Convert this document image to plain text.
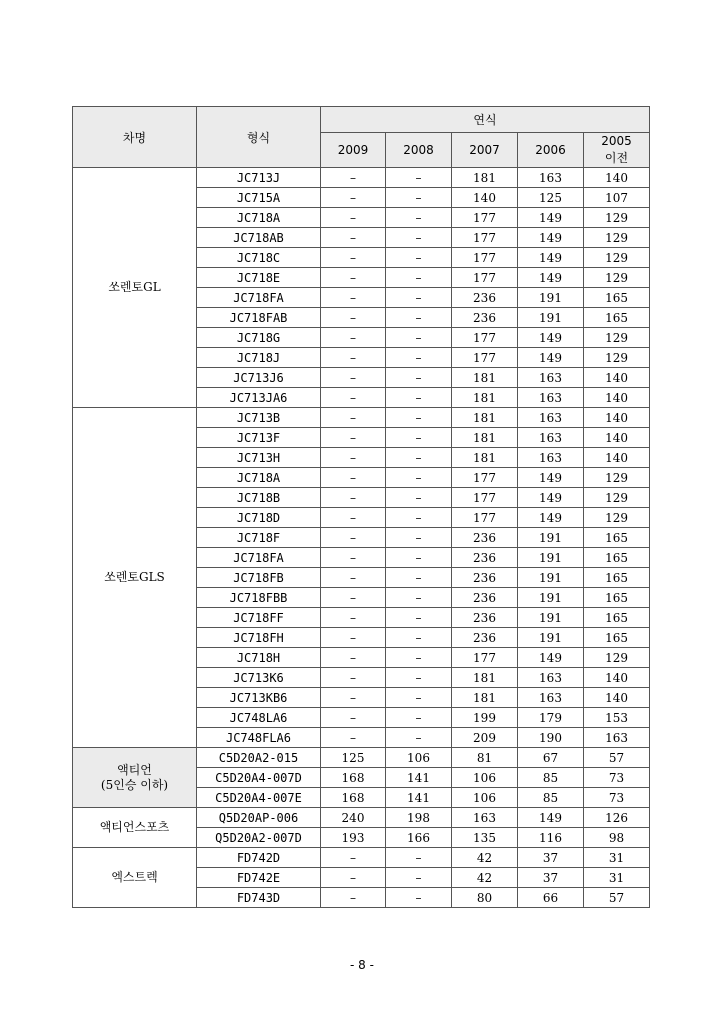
차명	형식	연식				
		2009	2008	2007	2006	2005
이전
쏘렌토GL	JC713J	–	–	181	163	140
	JC715A	–	–	140	125	107
	JC718A	–	–	177	149	129
	JC718AB	–	–	177	149	129
	JC718C	–	–	177	149	129
	JC718E	–	–	177	149	129
	JC718FA	–	–	236	191	165
	JC718FAB	–	–	236	191	165
	JC718G	–	–	177	149	129
	JC718J	–	–	177	149	129
	JC713J6	–	–	181	163	140
	JC713JA6	–	–	181	163	140
쏘렌토GLS	JC713B	–	–	181	163	140
	JC713F	–	–	181	163	140
	JC713H	–	–	181	163	140
	JC718A	–	–	177	149	129
	JC718B	–	–	177	149	129
	JC718D	–	–	177	149	129
	JC718F	–	–	236	191	165
	JC718FA	–	–	236	191	165
	JC718FB	–	–	236	191	165
	JC718FBB	–	–	236	191	165
	JC718FF	–	–	236	191	165
	JC718FH	–	–	236	191	165
	JC718H	–	–	177	149	129
	JC713K6	–	–	181	163	140
	JC713KB6	–	–	181	163	140
	JC748LA6	–	–	199	179	153
	JC748FLA6	–	–	209	190	163
액티언
(5인승 이하)	C5D20A2-015	125	106	81	67	57
	C5D20A4-007D	168	141	106	85	73
	C5D20A4-007E	168	141	106	85	73
액티언스포츠	Q5D20AP-006	240	198	163	149	126
	Q5D20A2-007D	193	166	135	116	98
엑스트렉	FD742D	–	–	42	37	31
	FD742E	–	–	42	37	31
	FD743D	–	–	80	66	57
- 8 -
